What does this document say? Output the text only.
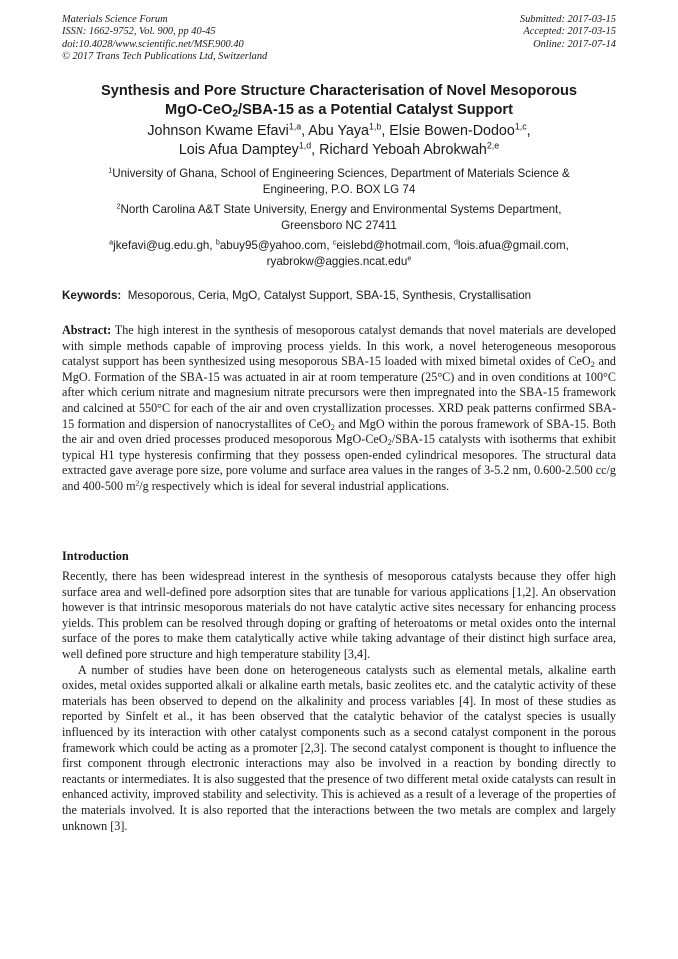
Materials Science Forum
ISSN: 1662-9752, Vol. 900, pp 40-45
doi:10.4028/www.scientific.net/MSF.900.40
© 2017 Trans Tech Publications Ltd, Switzerland
Submitted: 2017-03-15
Accepted: 2017-03-15
Online: 2017-07-14
Synthesis and Pore Structure Characterisation of Novel Mesoporous
MgO-CeO$_2$/SBA-15 as a Potential Catalyst Support
Johnson Kwame Efavi$^{1,a}$, Abu Yaya$^{1,b}$, Elsie Bowen-Dodoo$^{1,c}$,
Lois Afua Damptey$^{1,d}$, Richard Yeboah Abrokwah$^{2,e}$
$^1$University of Ghana, School of Engineering Sciences, Department of Materials Science &
Engineering, P.O. BOX LG 74
$^2$North Carolina A&T State University, Energy and Environmental Systems Department,
Greensboro NC 27411
$^a$jkefavi@ug.edu.gh, $^b$abuy95@yahoo.com, $^c$eislebd@hotmail.com, $^d$lois.afua@gmail.com,
ryabrokw@aggies.ncat.edu$^e$
Keywords: Mesoporous, Ceria, MgO, Catalyst Support, SBA-15, Synthesis, Crystallisation
Abstract: The high interest in the synthesis of mesoporous catalyst demands that novel materials are developed with simple methods capable of improving process yields. In this work, a novel heterogeneous mesoporous catalyst support has been synthesized using mesoporous SBA-15 loaded with mixed bimetal oxides of CeO$_2$ and MgO. Formation of the SBA-15 was actuated in air at room temperature (25°C) and in oven conditions at 100°C after which cerium nitrate and magnesium nitrate precursors were then impregnated into the SBA-15 framework and calcined at 550°C for each of the air and oven crystallization processes. XRD peak patterns confirmed SBA-15 formation and dispersion of nanocrystallites of CeO$_2$ and MgO within the porous framework of SBA-15. Both the air and oven dried processes produced mesoporous MgO-CeO$_2$/SBA-15 catalysts with isotherms that exhibit typical H1 type hysteresis confirming that they possess open-ended cylindrical mesopores. The structural data extracted gave average pore size, pore volume and surface area values in the ranges of 3-5.2 nm, 0.600-2.500 cc/g and 400-500 $m^2/g$ respectively which is ideal for several industrial applications.
Introduction

Recently, there has been widespread interest in the synthesis of mesoporous catalysts because they offer high surface area and well-defined pore adsorption sites that are tunable for various applications [1,2]. An observation however is that intrinsic mesoporous materials do not have catalytic active sites necessary for enhancing process yields. This problem can be resolved through doping or grafting of heteroatoms or metal oxides onto the internal surface of the pores to make them catalytically active while taking advantage of their distinct high surface area, well defined pore structure and high temperature stability [3,4].

A number of studies have been done on heterogeneous catalysts such as elemental metals, alkaline earth oxides, metal oxides supported alkali or alkaline earth metals, basic zeolites etc. and the catalytic activity of these materials has been observed to depend on the alkalinity and process variables [4]. In most of these studies as reported by Sinfelt et al., it has been observed that the catalytic behavior of the catalyst species is usually influenced by its interaction with other catalyst components such as a second catalyst component in the porous framework which could be acting as a promoter [2,3]. The second catalyst component is thought to influence the first component through electronic interactions may also be involved in a reaction by bonding directly to reactants or intermediates. It is also suggested that the presence of two different metal oxide catalysts can result in enhanced activity, improved stability and selectivity. This is achieved as a result of a leverage of the properties of the materials involved. It is also reported that the interactions between the two metals are complex and largely unknown [3].
